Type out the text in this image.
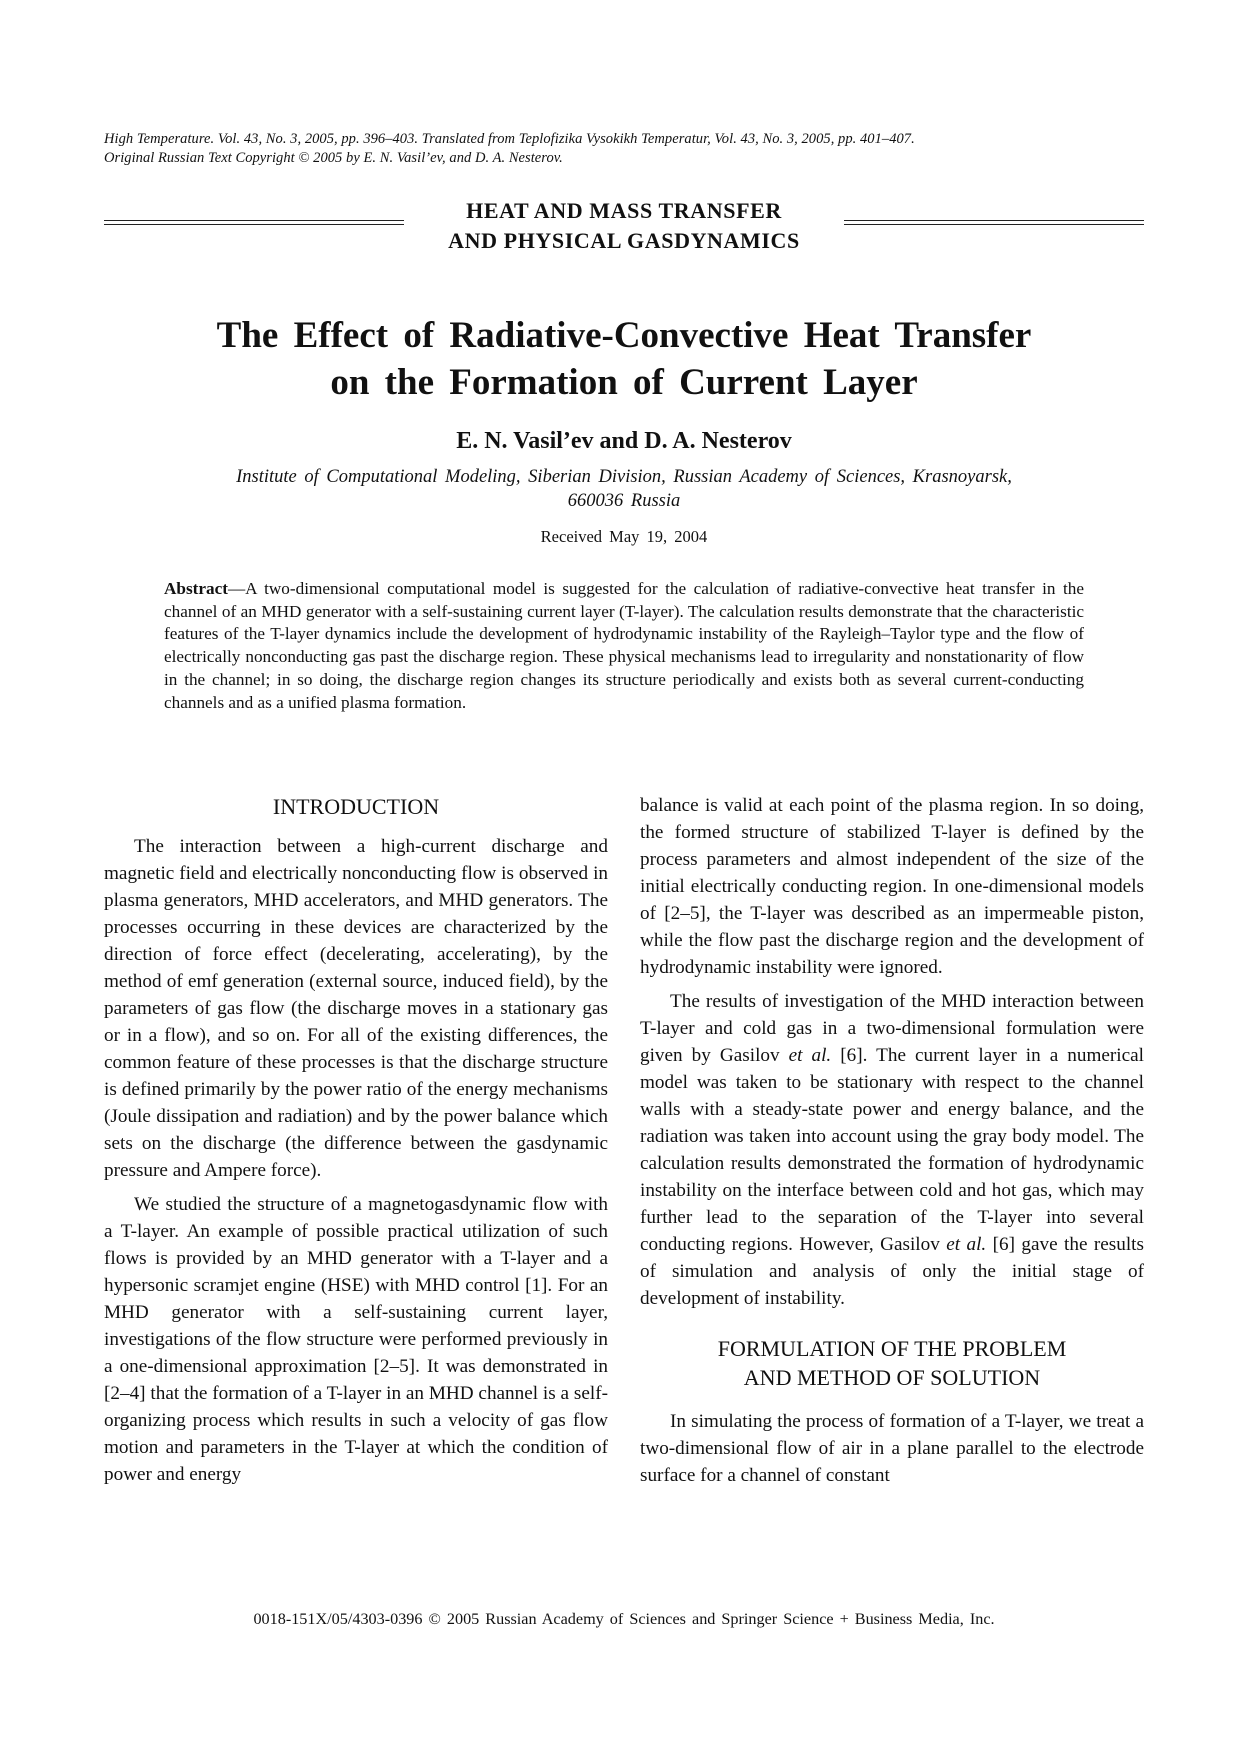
High Temperature. Vol. 43, No. 3, 2005, pp. 396–403. Translated from Teplofizika Vysokikh Temperatur, Vol. 43, No. 3, 2005, pp. 401–407.
Original Russian Text Copyright © 2005 by E. N. Vasil’ev, and D. A. Nesterov.
HEAT AND MASS TRANSFER
AND PHYSICAL GASDYNAMICS
The Effect of Radiative-Convective Heat Transfer
on the Formation of Current Layer
E. N. Vasil’ev and D. A. Nesterov
Institute of Computational Modeling, Siberian Division, Russian Academy of Sciences, Krasnoyarsk,
660036 Russia
Received May 19, 2004
Abstract—A two-dimensional computational model is suggested for the calculation of radiative-convective heat transfer in the channel of an MHD generator with a self-sustaining current layer (T-layer). The calculation results demonstrate that the characteristic features of the T-layer dynamics include the development of hydrodynamic instability of the Rayleigh–Taylor type and the flow of electrically nonconducting gas past the discharge region. These physical mechanisms lead to irregularity and nonstationarity of flow in the channel; in so doing, the discharge region changes its structure periodically and exists both as several current-conducting channels and as a unified plasma formation.
INTRODUCTION

The interaction between a high-current discharge and magnetic field and electrically nonconducting flow is observed in plasma generators, MHD accelerators, and MHD generators. The processes occurring in these devices are characterized by the direction of force effect (decelerating, accelerating), by the method of emf generation (external source, induced field), by the parameters of gas flow (the discharge moves in a stationary gas or in a flow), and so on. For all of the existing differences, the common feature of these processes is that the discharge structure is defined primarily by the power ratio of the energy mechanisms (Joule dissipation and radiation) and by the power balance which sets on the discharge (the difference between the gasdynamic pressure and Ampere force).

We studied the structure of a magnetogasdynamic flow with a T-layer. An example of possible practical utilization of such flows is provided by an MHD generator with a T-layer and a hypersonic scramjet engine (HSE) with MHD control [1]. For an MHD generator with a self-sustaining current layer, investigations of the flow structure were performed previously in a one-dimensional approximation [2–5]. It was demonstrated in [2–4] that the formation of a T-layer in an MHD channel is a self-organizing process which results in such a velocity of gas flow motion and parameters in the T-layer at which the condition of power and energy

balance is valid at each point of the plasma region. In so doing, the formed structure of stabilized T-layer is defined by the process parameters and almost independent of the size of the initial electrically conducting region. In one-dimensional models of [2–5], the T-layer was described as an impermeable piston, while the flow past the discharge region and the development of hydrodynamic instability were ignored.

The results of investigation of the MHD interaction between T-layer and cold gas in a two-dimensional formulation were given by Gasilov et al. [6]. The current layer in a numerical model was taken to be stationary with respect to the channel walls with a steady-state power and energy balance, and the radiation was taken into account using the gray body model. The calculation results demonstrated the formation of hydrodynamic instability on the interface between cold and hot gas, which may further lead to the separation of the T-layer into several conducting regions. However, Gasilov et al. [6] gave the results of simulation and analysis of only the initial stage of development of instability.

FORMULATION OF THE PROBLEM
AND METHOD OF SOLUTION

In simulating the process of formation of a T-layer, we treat a two-dimensional flow of air in a plane parallel to the electrode surface for a channel of constant

0018-151X/05/4303-0396 © 2005 Russian Academy of Sciences and Springer Science + Business Media, Inc.
